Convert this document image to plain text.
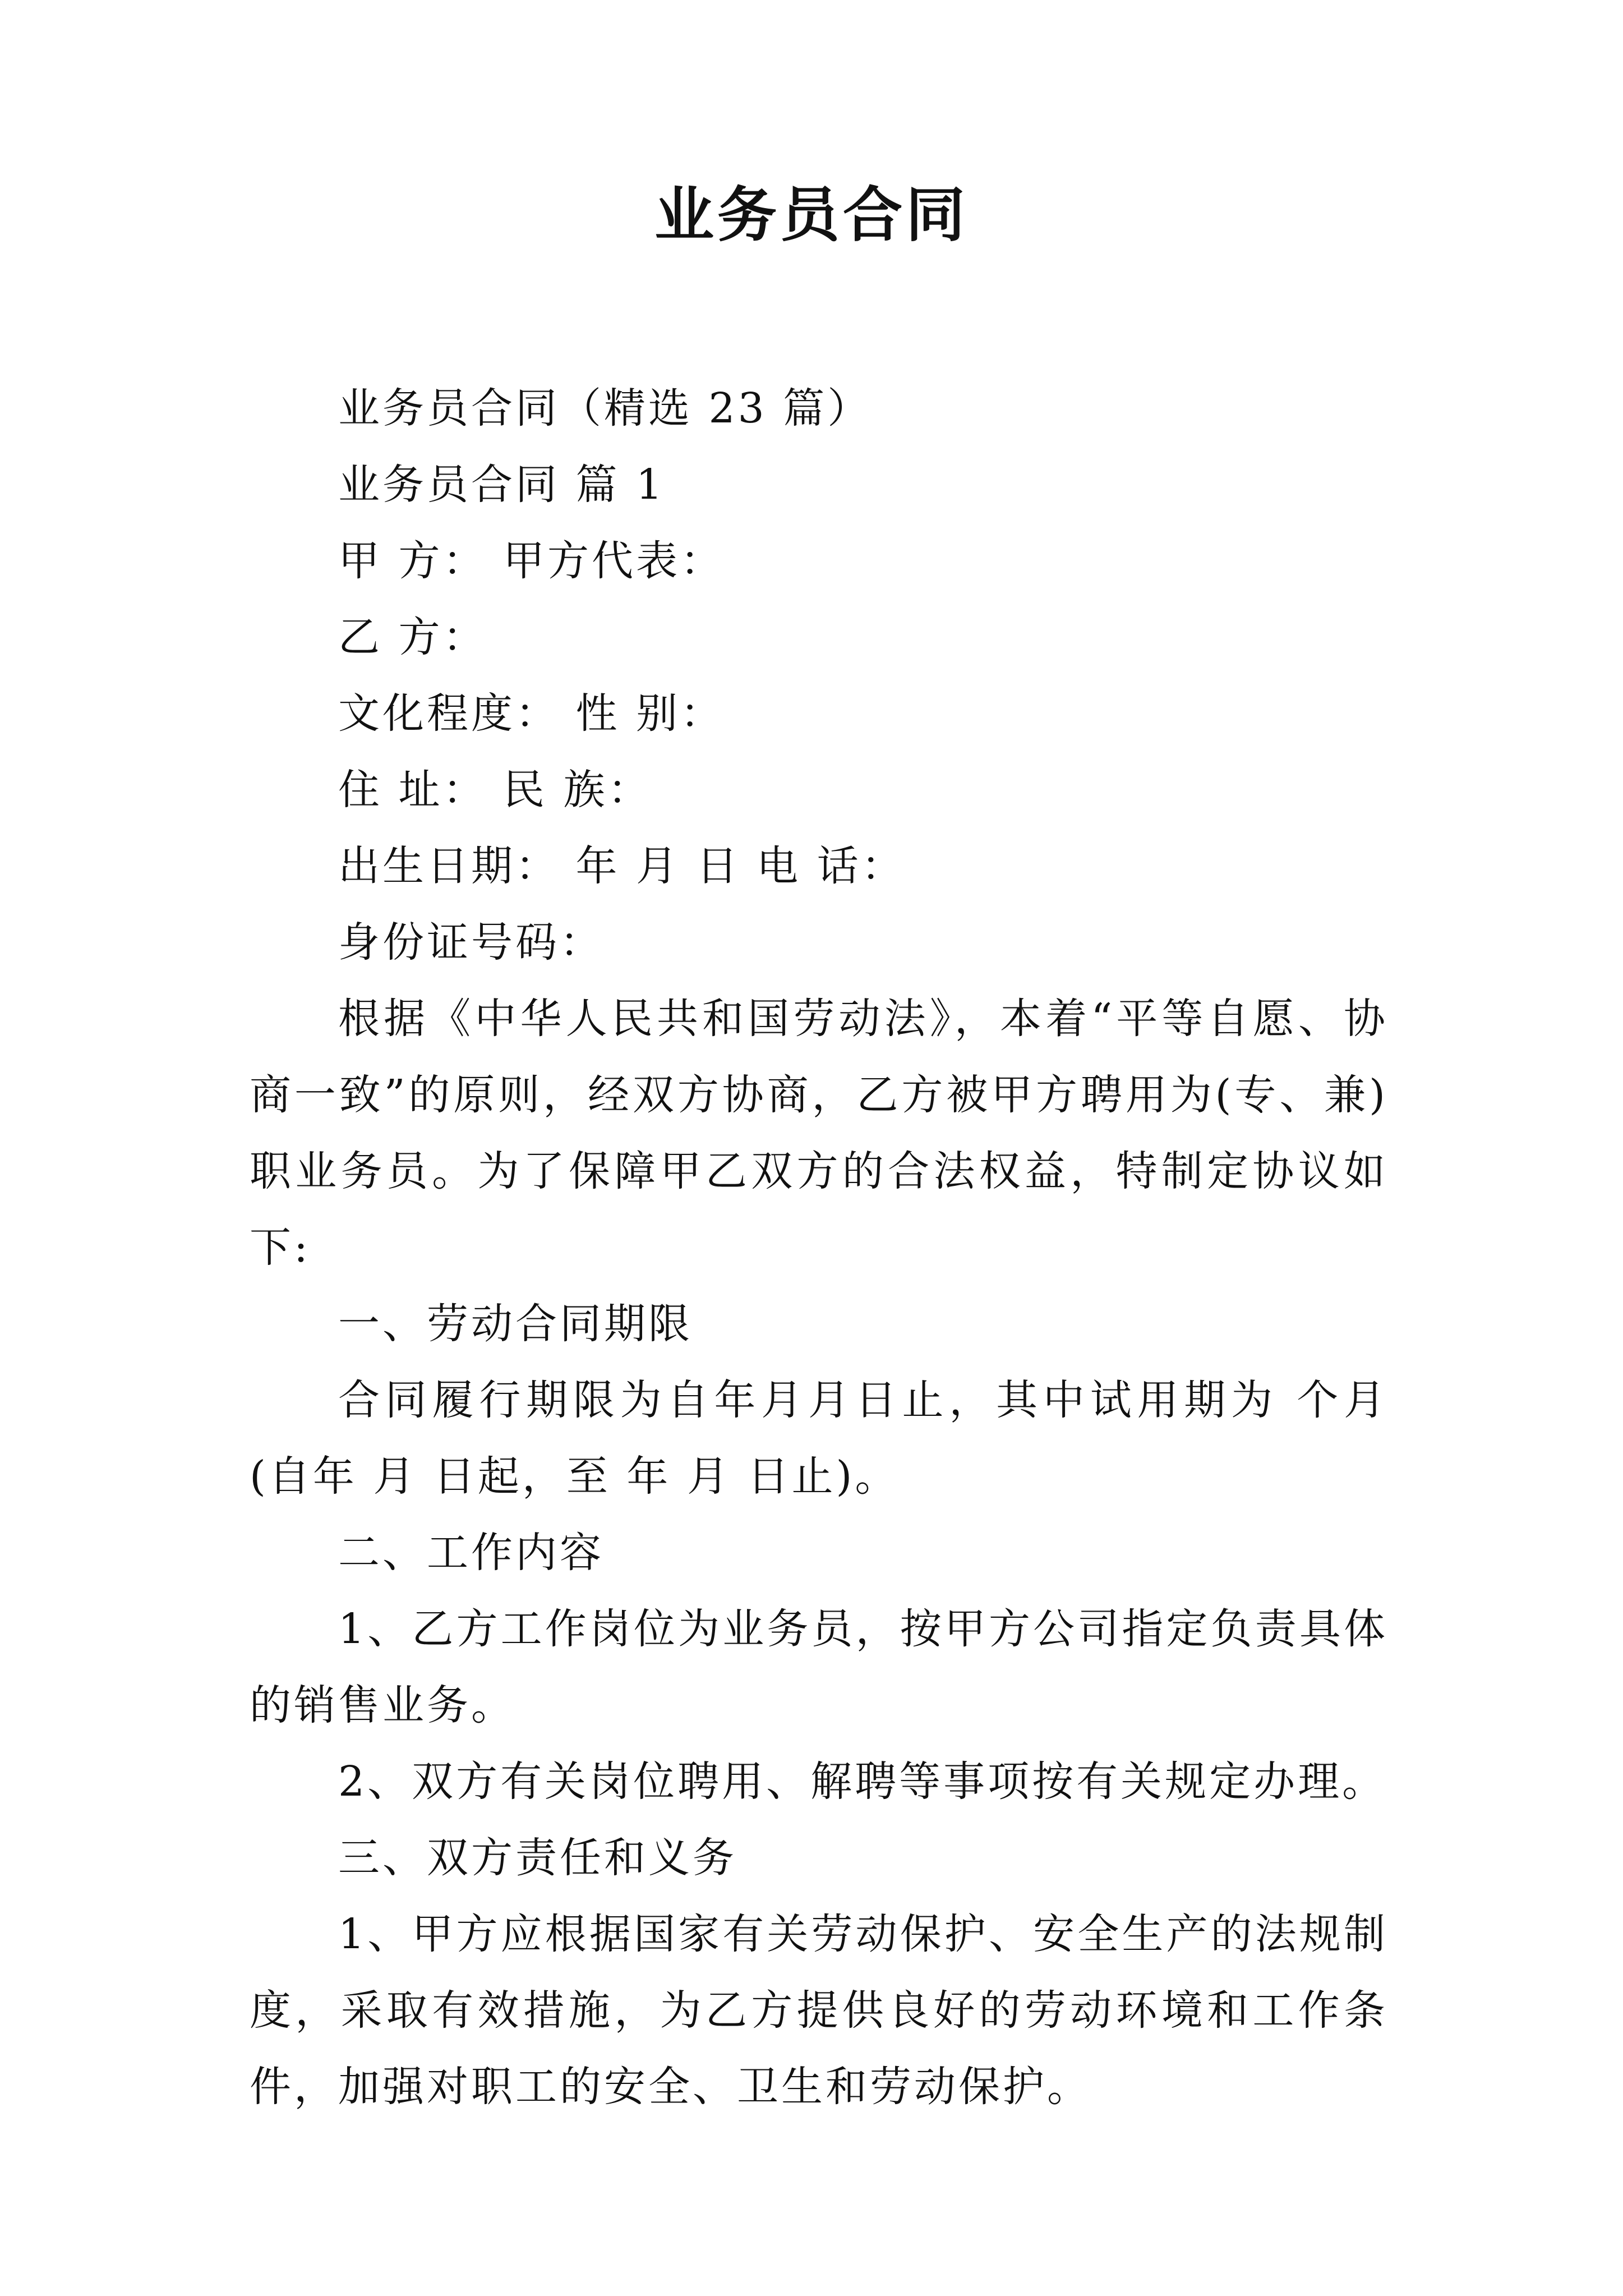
业务员合同

业务员合同（精选 23 篇）

业务员合同 篇 1

甲 方： 甲方代表：

乙 方：

文化程度： 性 别：

住 址： 民 族：

出生日期： 年 月 日 电 话：

身份证号码：

根据《中华人民共和国劳动法》，本着“平等自愿、协商一致”的原则，经双方协商，乙方被甲方聘用为(专、兼)职业务员。为了保障甲乙双方的合法权益，特制定协议如下:

一、劳动合同期限

合同履行期限为自年月月日止，其中试用期为 个月(自年 月 日起，至 年 月 日止)。

二、工作内容

1、乙方工作岗位为业务员，按甲方公司指定负责具体的销售业务。

2、双方有关岗位聘用、解聘等事项按有关规定办理。

三、双方责任和义务

1、甲方应根据国家有关劳动保护、安全生产的法规制度，采取有效措施，为乙方提供良好的劳动环境和工作条件，加强对职工的安全、卫生和劳动保护。
